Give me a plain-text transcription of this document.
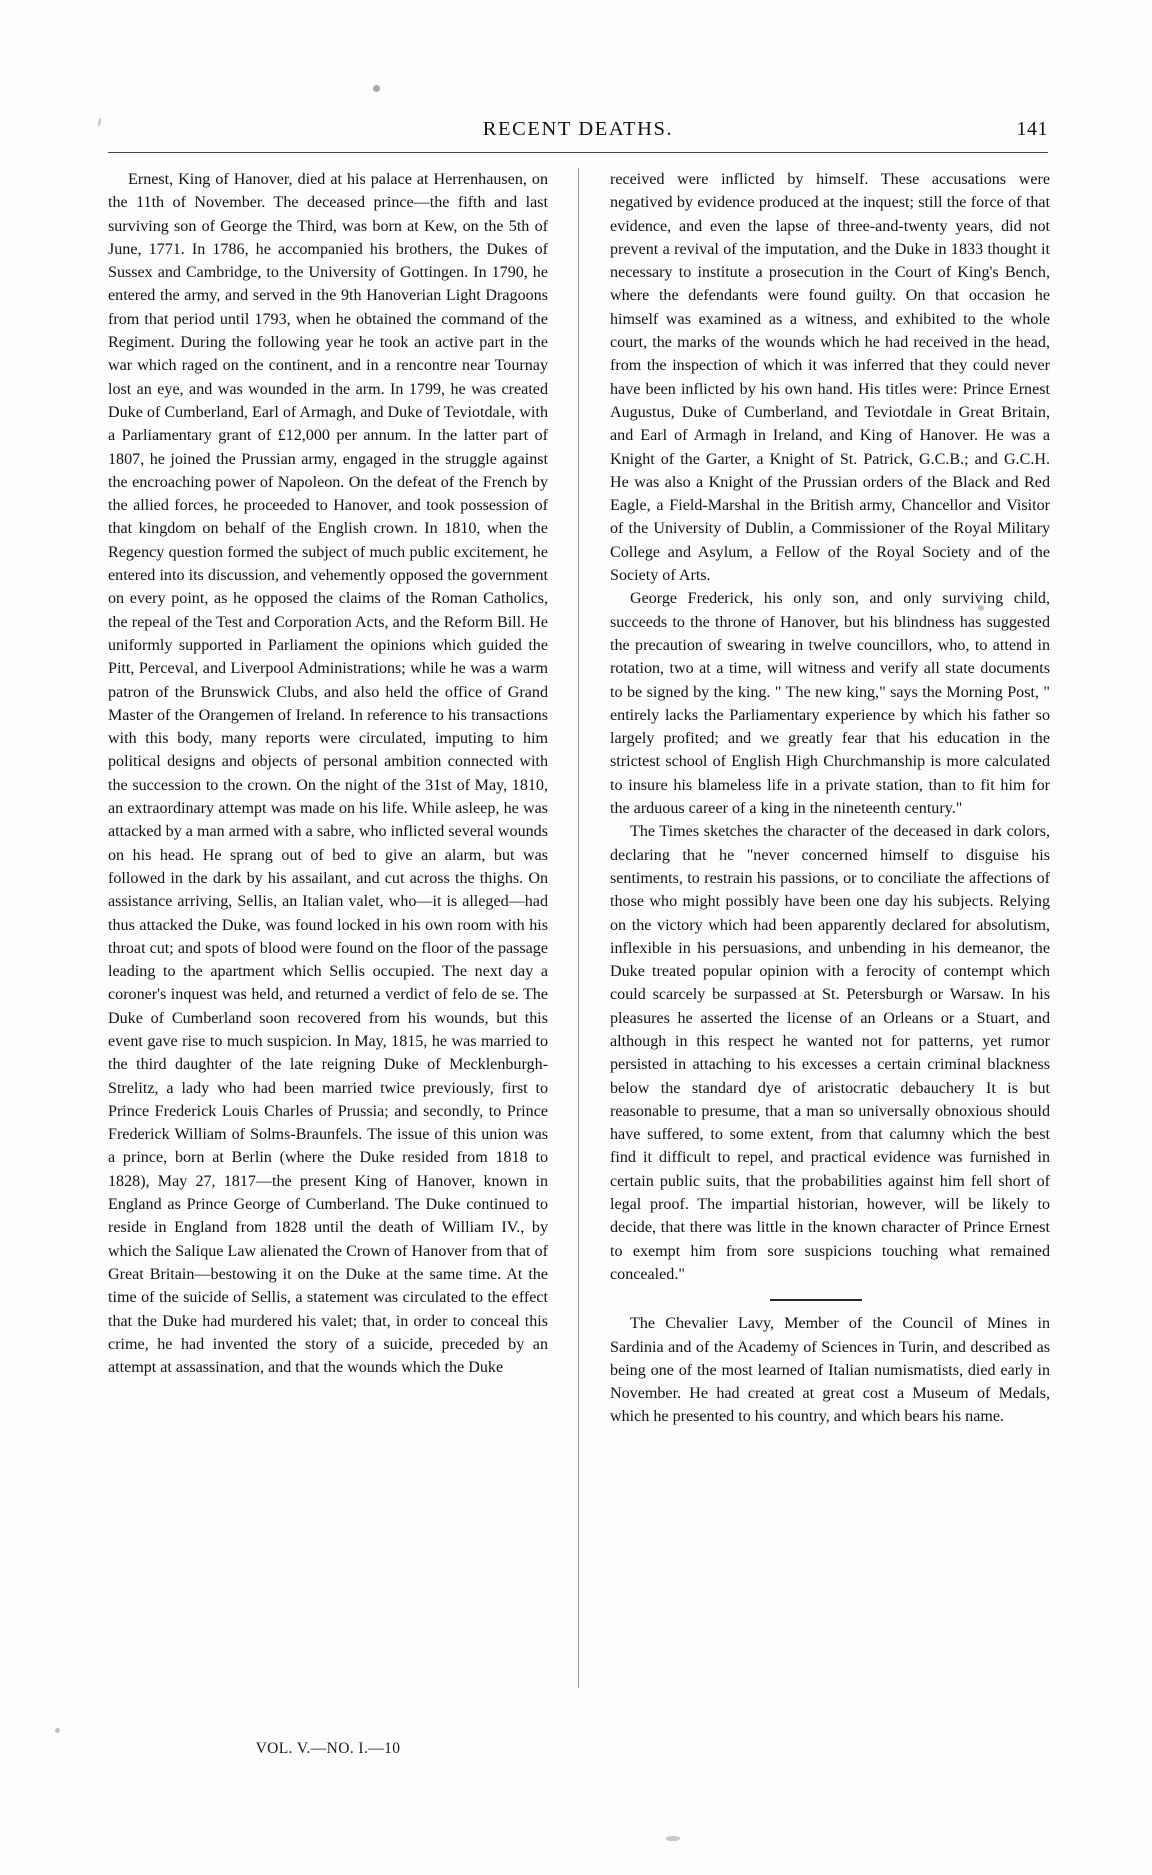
RECENT DEATHS.	141

Ernest, King of Hanover, died at his palace at Herrenhausen, on the 11th of November. The deceased prince—the fifth and last surviving son of George the Third, was born at Kew, on the 5th of June, 1771. In 1786, he accompanied his brothers, the Dukes of Sussex and Cambridge, to the University of Gottingen. In 1790, he entered the army, and served in the 9th Hanoverian Light Dragoons from that period until 1793, when he obtained the command of the Regiment. During the following year he took an active part in the war which raged on the continent, and in a rencontre near Tournay lost an eye, and was wounded in the arm. In 1799, he was created Duke of Cumberland, Earl of Armagh, and Duke of Teviotdale, with a Parliamentary grant of £12,000 per annum. In the latter part of 1807, he joined the Prussian army, engaged in the struggle against the encroaching power of Napoleon. On the defeat of the French by the allied forces, he proceeded to Hanover, and took possession of that kingdom on behalf of the English crown. In 1810, when the Regency question formed the subject of much public excitement, he entered into its discussion, and vehemently opposed the government on every point, as he opposed the claims of the Roman Catholics, the repeal of the Test and Corporation Acts, and the Reform Bill. He uniformly supported in Parliament the opinions which guided the Pitt, Perceval, and Liverpool Administrations; while he was a warm patron of the Brunswick Clubs, and also held the office of Grand Master of the Orangemen of Ireland. In reference to his transactions with this body, many reports were circulated, imputing to him political designs and objects of personal ambition connected with the succession to the crown. On the night of the 31st of May, 1810, an extraordinary attempt was made on his life. While asleep, he was attacked by a man armed with a sabre, who inflicted several wounds on his head. He sprang out of bed to give an alarm, but was followed in the dark by his assailant, and cut across the thighs. On assistance arriving, Sellis, an Italian valet, who—it is alleged—had thus attacked the Duke, was found locked in his own room with his throat cut; and spots of blood were found on the floor of the passage leading to the apartment which Sellis occupied. The next day a coroner's inquest was held, and returned a verdict of felo de se. The Duke of Cumberland soon recovered from his wounds, but this event gave rise to much suspicion. In May, 1815, he was married to the third daughter of the late reigning Duke of Mecklenburgh-Strelitz, a lady who had been married twice previously, first to Prince Frederick Louis Charles of Prussia; and secondly, to Prince Frederick William of Solms-Braunfels. The issue of this union was a prince, born at Berlin (where the Duke resided from 1818 to 1828), May 27, 1817—the present King of Hanover, known in England as Prince George of Cumberland. The Duke continued to reside in England from 1828 until the death of William IV., by which the Salique Law alienated the Crown of Hanover from that of Great Britain—bestowing it on the Duke at the same time. At the time of the suicide of Sellis, a statement was circulated to the effect that the Duke had murdered his valet; that, in order to conceal this crime, he had invented the story of a suicide, preceded by an attempt at assassination, and that the wounds which the Duke

received were inflicted by himself. These accusations were negatived by evidence produced at the inquest; still the force of that evidence, and even the lapse of three-and-twenty years, did not prevent a revival of the imputation, and the Duke in 1833 thought it necessary to institute a prosecution in the Court of King's Bench, where the defendants were found guilty. On that occasion he himself was examined as a witness, and exhibited to the whole court, the marks of the wounds which he had received in the head, from the inspection of which it was inferred that they could never have been inflicted by his own hand. His titles were: Prince Ernest Augustus, Duke of Cumberland, and Teviotdale in Great Britain, and Earl of Armagh in Ireland, and King of Hanover. He was a Knight of the Garter, a Knight of St. Patrick, G.C.B.; and G.C.H. He was also a Knight of the Prussian orders of the Black and Red Eagle, a Field-Marshal in the British army, Chancellor and Visitor of the University of Dublin, a Commissioner of the Royal Military College and Asylum, a Fellow of the Royal Society and of the Society of Arts.

George Frederick, his only son, and only surviving child, succeeds to the throne of Hanover, but his blindness has suggested the precaution of swearing in twelve councillors, who, to attend in rotation, two at a time, will witness and verify all state documents to be signed by the king. " The new king," says the Morning Post, " entirely lacks the Parliamentary experience by which his father so largely profited; and we greatly fear that his education in the strictest school of English High Churchmanship is more calculated to insure his blameless life in a private station, than to fit him for the arduous career of a king in the nineteenth century."

The Times sketches the character of the deceased in dark colors, declaring that he "never concerned himself to disguise his sentiments, to restrain his passions, or to conciliate the affections of those who might possibly have been one day his subjects. Relying on the victory which had been apparently declared for absolutism, inflexible in his persuasions, and unbending in his demeanor, the Duke treated popular opinion with a ferocity of contempt which could scarcely be surpassed at St. Petersburgh or Warsaw. In his pleasures he asserted the license of an Orleans or a Stuart, and although in this respect he wanted not for patterns, yet rumor persisted in attaching to his excesses a certain criminal blackness below the standard dye of aristocratic debauchery It is but reasonable to presume, that a man so universally obnoxious should have suffered, to some extent, from that calumny which the best find it difficult to repel, and practical evidence was furnished in certain public suits, that the probabilities against him fell short of legal proof. The impartial historian, however, will be likely to decide, that there was little in the known character of Prince Ernest to exempt him from sore suspicions touching what remained concealed."

The Chevalier Lavy, Member of the Council of Mines in Sardinia and of the Academy of Sciences in Turin, and described as being one of the most learned of Italian numismatists, died early in November. He had created at great cost a Museum of Medals, which he presented to his country, and which bears his name.

VOL. V.—NO. I.—10
